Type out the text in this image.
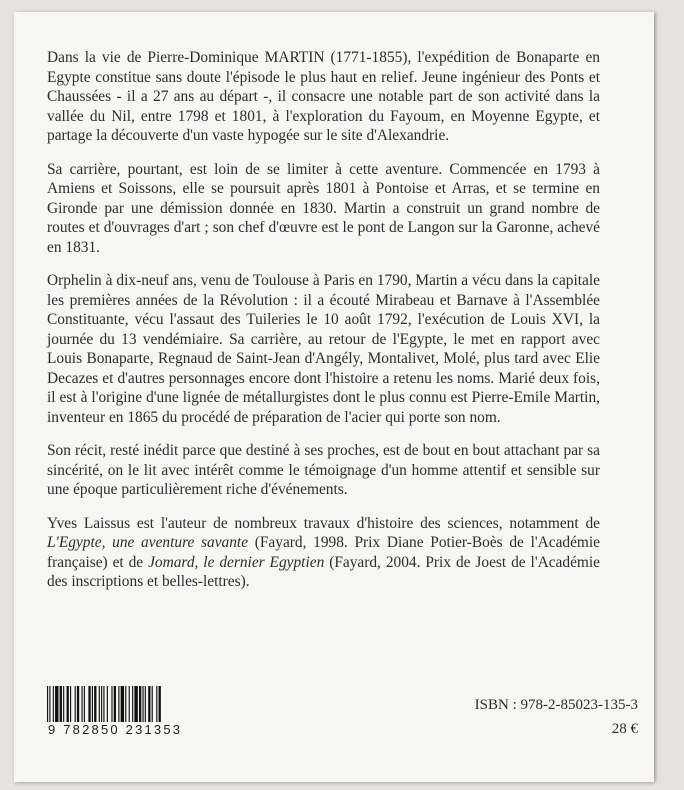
Dans la vie de Pierre-Dominique MARTIN (1771-1855), l'expédition de Bonaparte en Egypte constitue sans doute l'épisode le plus haut en relief. Jeune ingénieur des Ponts et Chaussées - il a 27 ans au départ -, il consacre une notable part de son activité dans la vallée du Nil, entre 1798 et 1801, à l'exploration du Fayoum, en Moyenne Egypte, et partage la découverte d'un vaste hypogée sur le site d'Alexandrie.

Sa carrière, pourtant, est loin de se limiter à cette aventure. Commencée en 1793 à Amiens et Soissons, elle se poursuit après 1801 à Pontoise et Arras, et se termine en Gironde par une démission donnée en 1830. Martin a construit un grand nombre de routes et d'ouvrages d'art ; son chef d'œuvre est le pont de Langon sur la Garonne, achevé en 1831.

Orphelin à dix-neuf ans, venu de Toulouse à Paris en 1790, Martin a vécu dans la capitale les premières années de la Révolution : il a écouté Mirabeau et Barnave à l'Assemblée Constituante, vécu l'assaut des Tuileries le 10 août 1792, l'exécution de Louis XVI, la journée du 13 vendémiaire. Sa carrière, au retour de l'Egypte, le met en rapport avec Louis Bonaparte, Regnaud de Saint-Jean d'Angély, Montalivet, Molé, plus tard avec Elie Decazes et d'autres personnages encore dont l'histoire a retenu les noms. Marié deux fois, il est à l'origine d'une lignée de métallurgistes dont le plus connu est Pierre-Emile Martin, inventeur en 1865 du procédé de préparation de l'acier qui porte son nom.

Son récit, resté inédit parce que destiné à ses proches, est de bout en bout attachant par sa sincérité, on le lit avec intérêt comme le témoignage d'un homme attentif et sensible sur une époque particulièrement riche d'événements.

Yves Laissus est l'auteur de nombreux travaux d'histoire des sciences, notamment de L'Egypte, une aventure savante (Fayard, 1998. Prix Diane Potier-Boès de l'Académie française) et de Jomard, le dernier Egyptien (Fayard, 2004. Prix de Joest de l'Académie des inscriptions et belles-lettres).

9 782850 231353
ISBN : 978-2-85023-135-3
28 €
